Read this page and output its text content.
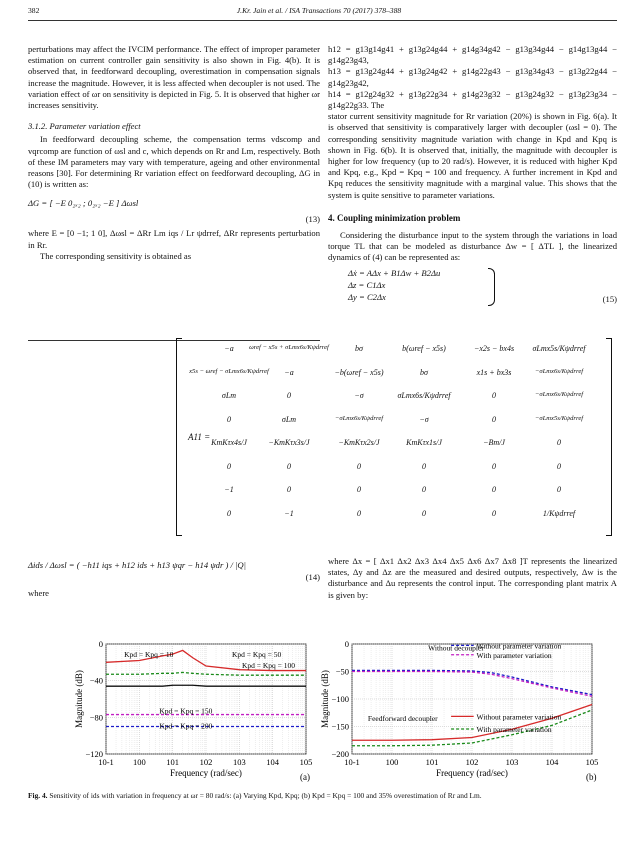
382	J.Kr. Jain et al. / ISA Transactions 70 (2017) 378–388

perturbations may affect the IVCIM performance. The effect of improper parameter estimation on current controller gain sensitivity is also shown in Fig. 4(b). It is observed that, in feedforward decoupling, overestimation in compensation signals increase the magnitude. However, it is less affected when decoupler is not used. The variation effect of ωr on sensitivity is depicted in Fig. 5. It is observed that higher ωr increases sensitivity.

3.1.2. Parameter variation effect

In feedforward decoupling scheme, the compensation terms vdscomp and vqrcomp are function of ωsl and c, which depends on Rr and Lm, respectively. Both of these IM parameters may vary with temperature, ageing and other environmental reasons [30]. For determining Rr variation effect on feedforward decoupling, ΔG in (10) is written as:

ΔG = [ −E 0₂ₓ₂ ; 0₂ₓ₂ −E ] Δωsl
(13)

where E = [0 −1; 1 0], Δωsl = ΔRr Lm iqs / Lr ψdrref, ΔRr represents perturbation in Rr.

The corresponding sensitivity is obtained as

Δids / Δωsl = ( −h11 iqs + h12 ids + h13 ψqr − h14 ψdr ) / |Q|
(14)

where

h12 = g13g14g41 + g13g24g44 + g14g34g42 − g13g34g44 − g14g13g44 − g14g23g43,

h13 = g13g24g44 + g13g24g42 + g14g22g43 − g13g34g43 − g13g22g44 − g14g23g42,

h14 = g12g24g32 + g13g22g34 + g14g23g32 − g13g24g32 − g13g23g34 − g14g22g33. The

stator current sensitivity magnitude for Rr variation (20%) is shown in Fig. 6(a). It is observed that sensitivity is comparatively larger with decoupler (ωsl = 0). The corresponding sensitivity magnitude variation with change in Kpd and Kpq is shown in Fig. 6(b). It is observed that, initially, the magnitude with decoupler is higher for low frequency (up to 20 rad/s). However, it is reduced with higher Kpd and Kpq, e.g., Kpd = Kpq = 100 and frequency. A further increment in Kpd and Kpq reduces the sensitivity magnitude with a marginal value. This shows that the system is quite sensitive to parameter variations.

4. Coupling minimization problem

Considering the disturbance input to the system through the variations in load torque TL that can be modeled as disturbance Δw = [ ΔTL ], the linearized dynamics of (4) can be represented as:

Δẋ = AΔx + B1Δw + B2Δu
Δz = C1Δx
Δy = C2Δx	(15)
A11 =
−a	ωref − x5s + σLmx6s/Kψdrref	bσ	b(ωref − x5s)	−x2s − bx4s	σLmx5s/Kψdrref
x5s − ωref − σLmx6s/Kψdrref	−a	−b(ωref − x5s)	bσ	x1s + bx3s	−σLmx6s/Kψdrref
σLm	0	−σ	σLmx6s/Kψdrref	0	−σLmx6s/Kψdrref
0	σLm	−σLmx6s/Kψdrref	−σ	0	−σLmx5s/Kψdrref
KmKτx4s/J	−KmKτx3s/J	−KmKτx2s/J	KmKτx1s/J	−Bm/J	0
0	0	0	0	0	0
−1	0	0	0	0	0
0	−1	0	0	0	1/Kψdrref

where Δx = [ Δx1 Δx2 Δx3 Δx4 Δx5 Δx6 Δx7 Δx8 ]T represents the linearized states, Δy and Δz are the measured and desired outputs, respectively, Δw is the disturbance and Δu represents the control input. The corresponding plant matrix A is given by:

0
−40
−80
−120
10-1 100 101 102 103 104 105
Frequency (rad/sec)
Magnitude (dB)
(a)
Kpd = Kpq = 10	Kpd = Kpq = 50
Kpd = Kpq = 100
Kpd = Kpq = 150
Kpd = Kpq = 200
0
−50
−100
−150
−200
10-1	100	101	102	103	104	105
Frequency (rad/sec)
Magnitude (dB)
(b)
Without decoupler
Feedforward decoupler
Without parameter variation
With parameter variation
Without parameter variation
With parameter variation
Fig. 4. Sensitivity of ids with variation in frequency at ωr = 80 rad/s: (a) Varying Kpd, Kpq; (b) Kpd = Kpq = 100 and 35% overestimation of Rr and Lm.
